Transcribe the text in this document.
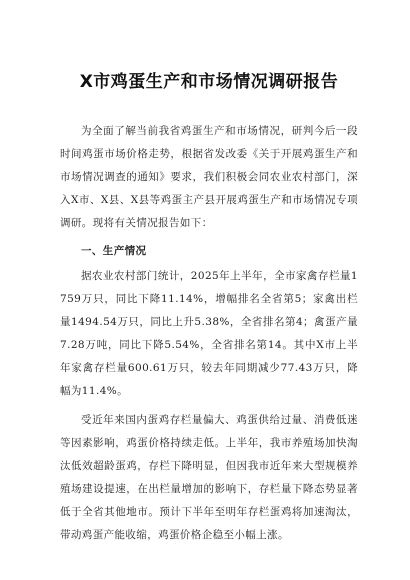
X市鸡蛋生产和市场情况调研报告

为全面了解当前我省鸡蛋生产和市场情况，研判今后一段时间鸡蛋市场价格走势，根据省发改委《关于开展鸡蛋生产和市场情况调查的通知》要求，我们积极会同农业农村部门，深入X市、X县、X县等鸡蛋主产县开展鸡蛋生产和市场情况专项调研。现将有关情况报告如下：

一、生产情况

据农业农村部门统计，2025年上半年，全市家禽存栏量1759万只，同比下降11.14%，增幅排名全省第5；家禽出栏量1494.54万只，同比上升5.38%，全省排名第4；禽蛋产量7.28万吨，同比下降5.54%，全省排名第14。其中X市上半年家禽存栏量600.61万只，较去年同期减少77.43万只，降幅为11.4%。

受近年来国内蛋鸡存栏量偏大、鸡蛋供给过量、消费低迷等因素影响，鸡蛋价格持续走低。上半年，我市养殖场加快淘汰低效超龄蛋鸡，存栏下降明显，但因我市近年来大型规模养殖场建设提速，在出栏量增加的影响下，存栏量下降态势显著低于全省其他地市。预计下半年至明年存栏蛋鸡将加速淘汰，带动鸡蛋产能收缩，鸡蛋价格企稳至小幅上涨。
